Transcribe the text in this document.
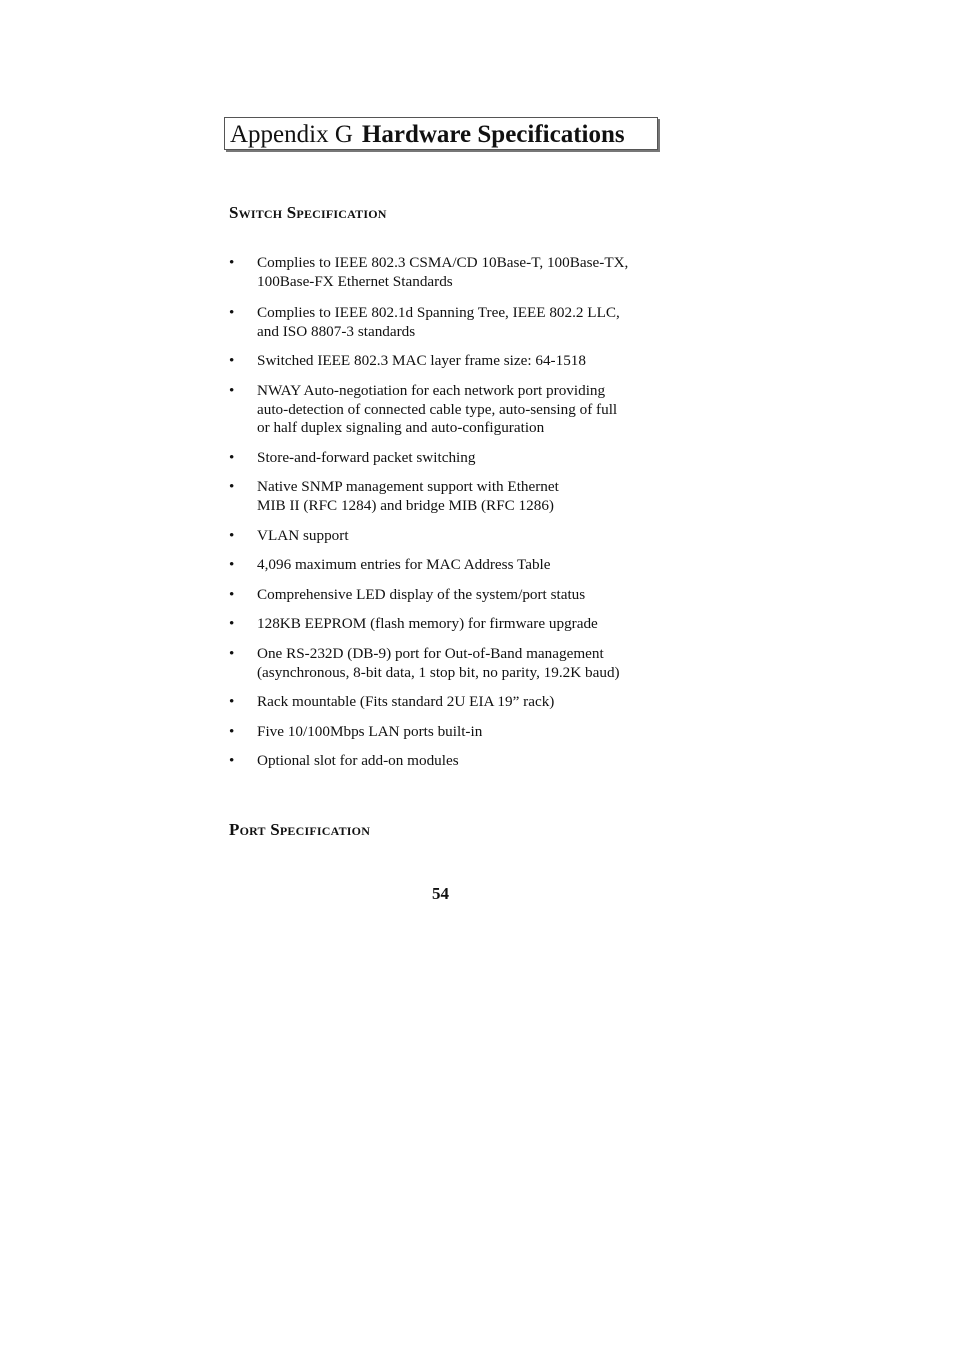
Appendix G Hardware Specifications
Switch Specification
• Complies to IEEE 802.3 CSMA/CD 10Base-T, 100Base-TX,
100Base-FX Ethernet Standards
• Complies to IEEE 802.1d Spanning Tree, IEEE 802.2 LLC,
and ISO 8807-3 standards
• Switched IEEE 802.3 MAC layer frame size: 64-1518
• NWAY Auto-negotiation for each network port providing
auto-detection of connected cable type, auto-sensing of full
or half duplex signaling and auto-configuration
• Store-and-forward packet switching
• Native SNMP management support with Ethernet
MIB II (RFC 1284) and bridge MIB (RFC 1286)
• VLAN support
• 4,096 maximum entries for MAC Address Table
• Comprehensive LED display of the system/port status
• 128KB EEPROM (flash memory) for firmware upgrade
• One RS-232D (DB-9) port for Out-of-Band management
(asynchronous, 8-bit data, 1 stop bit, no parity, 19.2K baud)
• Rack mountable (Fits standard 2U EIA 19” rack)
• Five 10/100Mbps LAN ports built-in
• Optional slot for add-on modules
Port Specification
54
